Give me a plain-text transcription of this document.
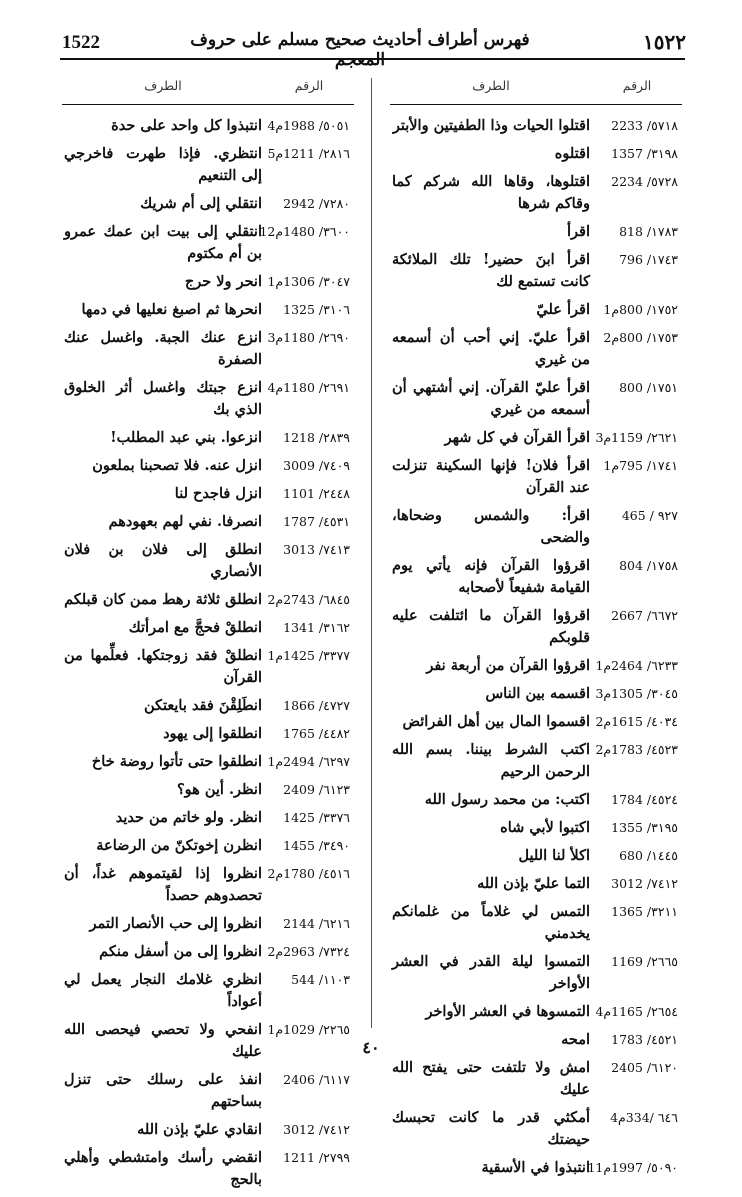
1522	فهرس أطراف أحاديث صحيح مسلم على حروف المعجم
١٥٢٢
الرقم
الطرف
٥٧١٨/ 2233
اقتلوا الحيات وذا الطفيتين والأبتر
٣١٩٨/ 1357
اقتلوه
٥٧٢٨/ 2234
اقتلوها، وقاها الله شركم كما وقاكم شرها
١٧٨٣/ 818
اقرأ
١٧٤٣/ 796
اقرأ ابنَ حضير! تلك الملائكة كانت تستمع لك
١٧٥٢/ 800م1
اقرأ عليّ
١٧٥٣/ 800م2
اقرأ عليّ. إني أحب أن أسمعه من غيري
١٧٥١/ 800
اقرأ عليّ القرآن. إني أشتهي أن أسمعه من غيري
٢٦٢١/ 1159م3
اقرأ القرآن في كل شهر
١٧٤١/ 795م1
اقرأ فلان! فإنها السكينة تنزلت عند القرآن
٩٢٧ / 465
اقرأ: والشمس وضحاها، والضحى
١٧٥٨/ 804
اقرؤوا القرآن فإنه يأتي يوم القيامة شفيعاً لأصحابه
٦٦٧٢/ 2667
اقرؤوا القرآن ما ائتلفت عليه قلوبكم
٦٢٣٣/ 2464م1
اقرؤوا القرآن من أربعة نفر
٣٠٤٥/ 1305م3
اقسمه بين الناس
٤٠٣٤/ 1615م2
اقسموا المال بين أهل الفرائض
٤٥٢٣/ 1783م2
اكتب الشرط بيننا. بسم الله الرحمن الرحيم
٤٥٢٤/ 1784
اكتب: من محمد رسول الله
٣١٩٥/ 1355
اكتبوا لأبي شاه
١٤٤٥/ 680
اكلأ لنا الليل
٧٤١٢/ 3012
التما عليّ بإذن الله
٣٢١١/ 1365
التمس لي غلاماً من غلمانكم يخدمني
٢٦٦٥/ 1169
التمسوا ليلة القدر في العشر الأواخر
٢٦٥٤/ 1165م4
التمسوها في العشر الأواخر
٤٥٢١/ 1783
امحه
٦١٢٠/ 2405
امش ولا تلتفت حتى يفتح الله عليك
٦٤٦ /334م4
أمكثي قدر ما كانت تحبسك حيضتك
٥٠٩٠/ 1997م11
انتبذوا في الأسقية
الرقم
الطرف
٥٠٥١/ 1988م4
انتبذوا كل واحد على حدة
٢٨١٦/ 1211م5
انتظري. فإذا طهرت فاخرجي إلى التنعيم
٧٢٨٠/ 2942
انتقلي إلى أم شريك
٣٦٠٠/ 1480م12
انتقلي إلى بيت ابن عمك عمرو بن أم مكتوم
٣٠٤٧/ 1306م1
انحر ولا حرج
٣١٠٦/ 1325
انحرها ثم اصبغ نعليها في دمها
٢٦٩٠/ 1180م3
انزع عنك الجبة. واغسل عنك الصفرة
٢٦٩١/ 1180م4
انزع جبتك واغسل أثر الخلوق الذي بك
٢٨٣٩/ 1218
انزعوا. بني عبد المطلب!
٧٤٠٩/ 3009
انزل عنه. فلا تصحبنا بملعون
٢٤٤٨/ 1101
انزل فاجدح لنا
٤٥٣١/ 1787
انصرفا. نفي لهم بعهودهم
٧٤١٣/ 3013
انطلق إلى فلان بن فلان الأنصاري
٦٨٤٥/ 2743م2
انطلق ثلاثة رهط ممن كان قبلكم
٣١٦٢/ 1341
انطلقْ فحجَّ مع امرأتك
٣٣٧٧/ 1425م1
انطلقْ فقد زوجتكها. فعلِّمها من القرآن
٤٧٢٧/ 1866
انطَلِقْنَ فقد بايعتكن
٤٤٨٢/ 1765
انطلقوا إلى يهود
٦٢٩٧/ 2494م1
انطلقوا حتى تأتوا روضة خاخ
٦١٢٣/ 2409
انظر. أين هو؟
٣٣٧٦/ 1425
انظر. ولو خاتم من حديد
٣٤٩٠/ 1455
انظرن إخوتكنّ من الرضاعة
٤٥١٦/ 1780م2
انظروا إذا لقيتموهم غداً، أن تحصدوهم حصداً
٦٢١٦/ 2144
انظروا إلى حب الأنصار التمر
٧٣٢٤/ 2963م2
انظروا إلى من أسفل منكم
١١٠٣/ 544
انظري غلامك النجار يعمل لي أعواداً
٢٢٦٥/ 1029م1
انفحي ولا تحصي فيحصى الله عليك
٦١١٧/ 2406
انفذ على رسلك حتى تنزل بساحتهم
٧٤١٢/ 3012
انقادي عليّ بإذن الله
٢٧٩٩/ 1211
انقضي رأسك وامتشطي وأهلي بالحج
٤٠
